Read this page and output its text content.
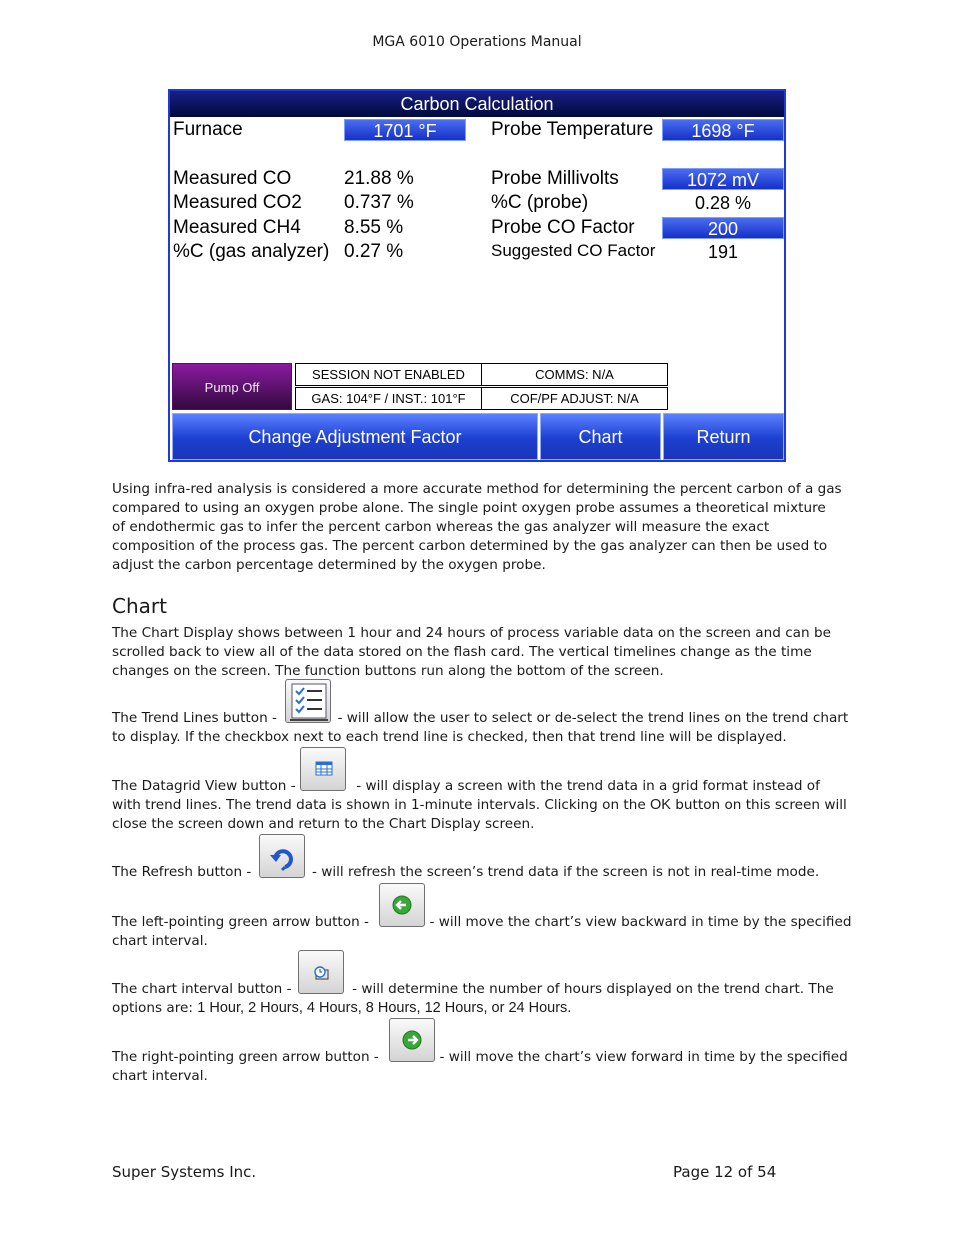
MGA 6010 Operations Manual
Carbon Calculation
Furnace	1701 °F	Probe Temperature	1698 °F
Measured CO	21.88 %	Probe Millivolts	1072 mV
Measured CO2 0.737 %	%C (probe)	0.28 %
Measured CH4 8.55 %	Probe CO Factor	200
%C (gas analyzer) 0.27 %	Suggested CO Factor	191
Pump Off
SESSION NOT ENABLED	COMMS: N/A
GAS: 104°F / INST.: 101°F	COF/PF ADJUST: N/A
Change Adjustment Factor	Chart	Return
Using infra-red analysis is considered a more accurate method for determining the percent carbon of a gas compared to using an oxygen probe alone. The single point oxygen probe assumes a theoretical mixture of endothermic gas to infer the percent carbon whereas the gas analyzer will measure the exact composition of the process gas. The percent carbon determined by the gas analyzer can then be used to adjust the carbon percentage determined by the oxygen probe.
Chart
The Chart Display shows between 1 hour and 24 hours of process variable data on the screen and can be scrolled back to view all of the data stored on the flash card. The vertical timelines change as the time changes on the screen. The function buttons run along the bottom of the screen.
The Trend Lines button -	- will allow the user to select or de-select the trend lines on the trend chart to display. If the checkbox next to each trend line is checked, then that trend line will be displayed.
The Datagrid View button -	- will display a screen with the trend data in a grid format instead of with trend lines. The trend data is shown in 1-minute intervals. Clicking on the OK button on this screen will close the screen down and return to the Chart Display screen.
The Refresh button -	- will refresh the screen’s trend data if the screen is not in real-time mode.
The left-pointing green arrow button -	- will move the chart’s view backward in time by the specified chart interval.
The chart interval button -	- will determine the number of hours displayed on the trend chart. The options are: 1 Hour, 2 Hours, 4 Hours, 8 Hours, 12 Hours, or 24 Hours.
The right-pointing green arrow button -	- will move the chart’s view forward in time by the specified chart interval.
Super Systems Inc.	Page 12 of 54
